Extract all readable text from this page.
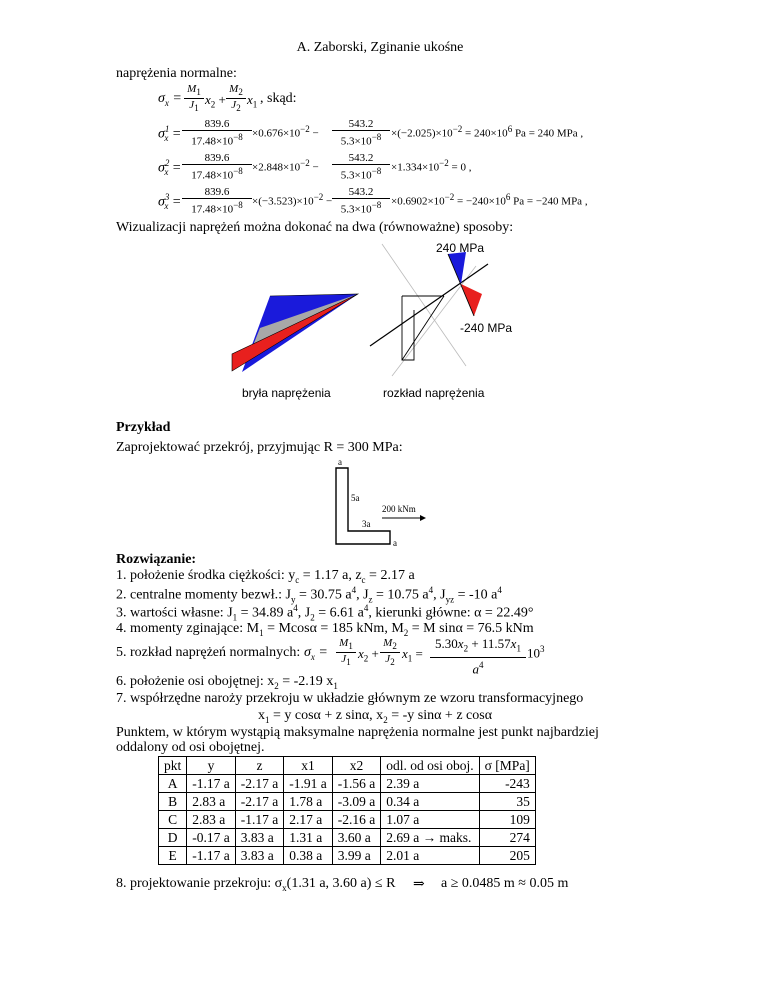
A. Zaborski, Zginanie ukośne
naprężenia normalne:
$\sigma_x = \frac{M_1}{J_1} x_2 + \frac{M_2}{J_2} x_1$ , skąd:
$\sigma^1_x = \frac{839.6}{17.48\times 10^{-8}} \times 0.676\times 10^{-2} - \frac{543.2}{5.3\times 10^{-8}} \times(-2.025)\times 10^{-2} = 240\times 10^6$ Pa = 240 MPa ,
$\sigma^2_x = \frac{839.6}{17.48\times 10^{-8}} \times 2.848\times 10^{-2} - \frac{543.2}{5.3\times 10^{-8}} \times 1.334\times 10^{-2} = 0$ ,
$\sigma^3_x = \frac{839.6}{17.48\times 10^{-8}} \times(-3.523)\times 10^{-2} - \frac{543.2}{5.3\times 10^{-8}} \times 0.6902\times 10^{-2} = -240\times 10^6$ Pa = −240 MPa ,
Wizualizacji naprężeń można dokonać na dwa (równoważne) sposoby:
240 MPa
-240 MPa
bryła naprężenia	rozkład naprężenia
Przykład
Zaprojektować przekrój, przyjmując R = 300 MPa:
a
5a
3a
a
200 kNm
Rozwiązanie:
1. położenie środka ciężkości: $y_c = 1.17$ a, $z_c = 2.17$ a
2. centralne momenty bezwł.: $J_y = 30.75$ $a^4$, $J_z = 10.75$ $a^4$, $J_{yz} = -10$ $a^4$
3. wartości własne: $J_1 = 34.89$ $a^4$, $J_2 = 6.61$ $a^4$, kierunki główne: α = 22.49°
4. momenty zginające: $M_1 = Mcos\alpha = 185$ kNm, $M_2 = M$ sinα = 76.5 kNm
5. rozkład naprężeń normalnych: $\sigma_x = \frac{M_1}{J_1} x_2 + \frac{M_2}{J_2} x_1 = \frac{5.30x_2 + 11.57x_1}{a^4} 10^3$
6. położenie osi obojętnej: $x_2 = -2.19$ $x_1$
7. współrzędne naroży przekroju w układzie głównym ze wzoru transformacyjnego
$x_1 = y$ cosα + z sinα, $x_2 = -y$ sinα + z cosα
Punktem, w którym wystąpią maksymalne naprężenia normalne jest punkt najbardziej
oddalony od osi obojętnej.
pkt	y	z	x1	x2	odl. od osi oboj.	σ [MPa]
A	-1.17 a	-2.17 a	-1.91 a	-1.56 a	2.39 a	-243
B	2.83 a	-2.17 a	1.78 a	-3.09 a	0.34 a	35
C	2.83 a	-1.17 a	2.17 a	-2.16 a	1.07 a	109
D	-0.17 a	3.83 a	1.31 a	3.60 a	2.69 a → maks.	274
E	-1.17 a	3.83 a	0.38 a	3.99 a	2.01 a	205
8. projektowanie przekroju: $\sigma_x(1.31$ a, 3.60 a) ≤ R ⇒ a ≥ 0.0485 m ≈ 0.05 m
